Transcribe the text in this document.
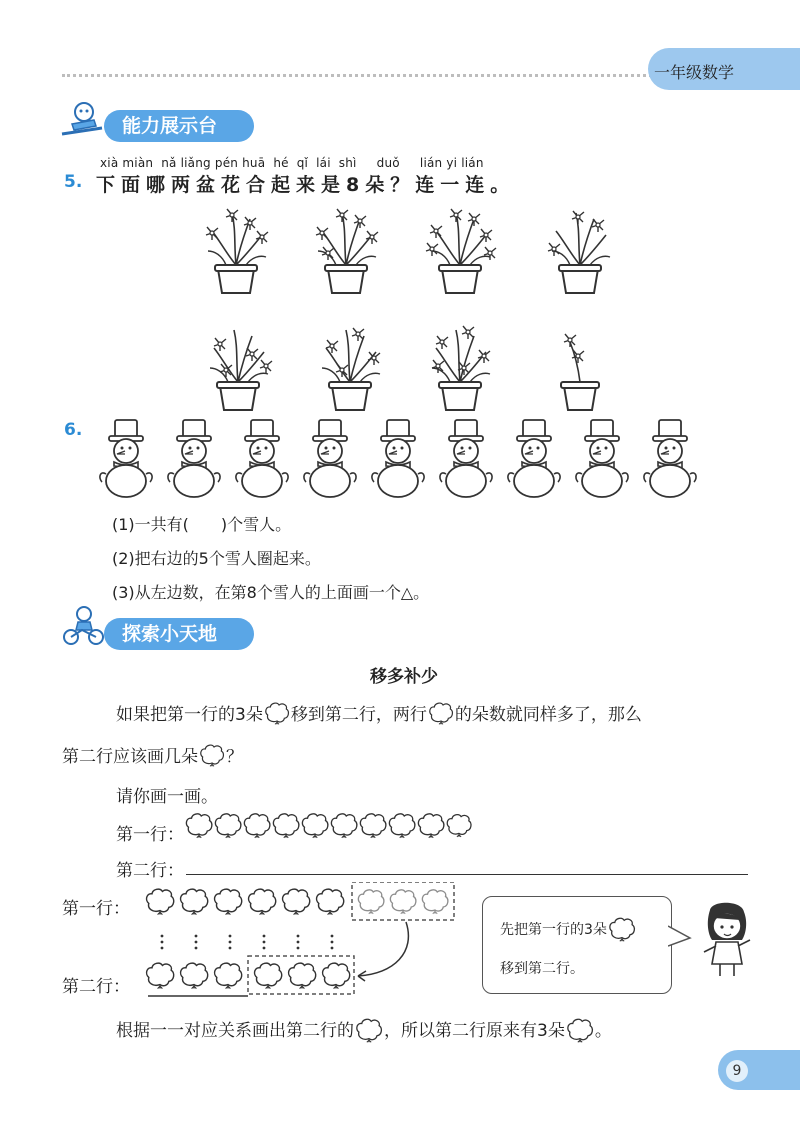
一年级数学
能力展示台
xià miàn nǎ liǎng pén huā hé qǐ lái shì duǒ lián yi lián
5. 下面哪两盆花合起来是8朵？连一连。
6.
(1)一共有(　　)个雪人。
(2)把右边的5个雪人圈起来。
(3)从左边数，在第8个雪人的上面画一个△。
探索小天地
移多补少
如果把第一行的3朵 移到第二行，两行 的朵数就同样多了，那么
第二行应该画几朵 ？
请你画一画。
第一行：
第二行：
第一行：
第二行：
先把第一行的3朵
移到第二行。
根据一一对应关系画出第二行的 ，所以第二行原来有3朵 。
9
